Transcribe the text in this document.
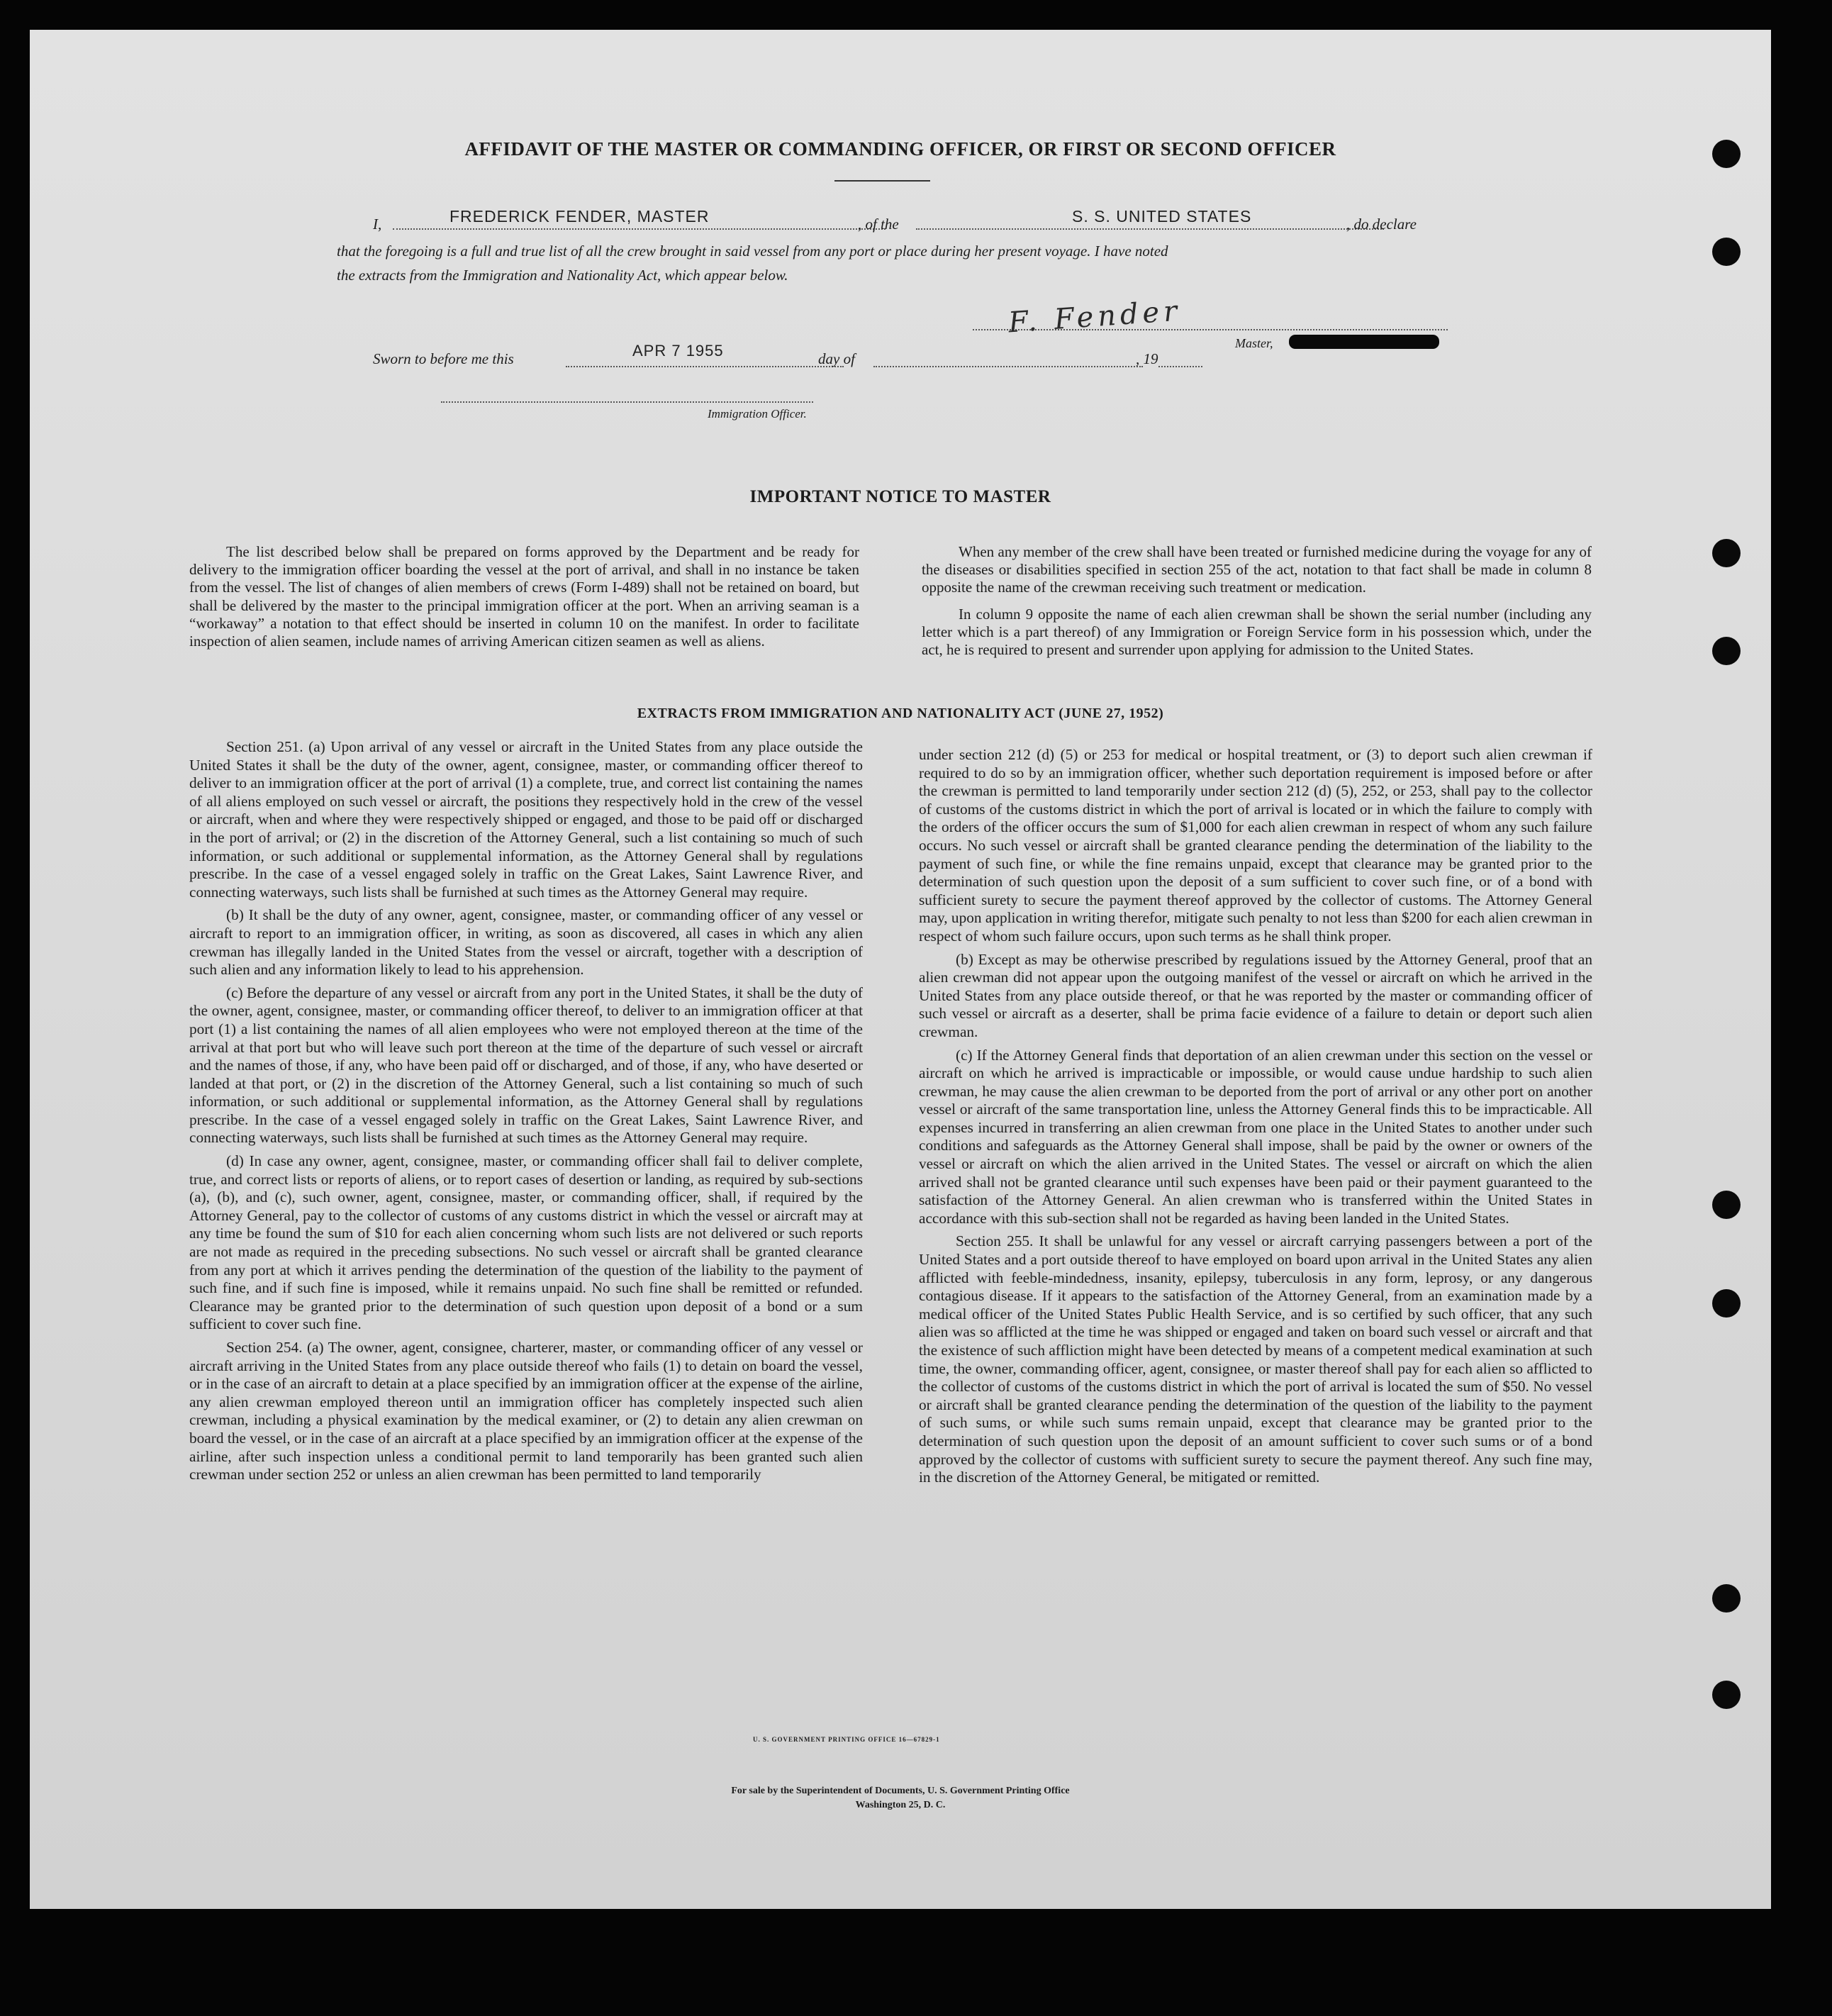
AFFIDAVIT OF THE MASTER OR COMMANDING OFFICER, OR FIRST OR SECOND OFFICER
I,	FREDERICK FENDER, MASTER	, of the	S. S. UNITED STATES	, do declare
that the foregoing is a full and true list of all the crew brought in said vessel from any port or place during her present voyage. I have noted
the extracts from the Immigration and Nationality Act, which appear below.
F. Fender
Master,
Sworn to before me this	APR 7 1955	day of	, 19
Immigration Officer.
IMPORTANT NOTICE TO MASTER

The list described below shall be prepared on forms approved by the Department and be ready for delivery to the immigration officer boarding the vessel at the port of arrival, and shall in no instance be taken from the vessel. The list of changes of alien members of crews (Form I-489) shall not be retained on board, but shall be delivered by the master to the principal immigration officer at the port. When an arriving seaman is a “workaway” a notation to that effect should be inserted in column 10 on the manifest. In order to facilitate inspection of alien seamen, include names of arriving American citizen seamen as well as aliens.

When any member of the crew shall have been treated or furnished medicine during the voyage for any of the diseases or disabilities specified in section 255 of the act, notation to that fact shall be made in column 8 opposite the name of the crewman receiving such treatment or medication.

In column 9 opposite the name of each alien crewman shall be shown the serial number (including any letter which is a part thereof) of any Immigration or Foreign Service form in his possession which, under the act, he is required to present and surrender upon applying for admission to the United States.

EXTRACTS FROM IMMIGRATION AND NATIONALITY ACT (JUNE 27, 1952)

Section 251. (a) Upon arrival of any vessel or aircraft in the United States from any place outside the United States it shall be the duty of the owner, agent, consignee, master, or commanding officer thereof to deliver to an immigration officer at the port of arrival (1) a complete, true, and correct list containing the names of all aliens employed on such vessel or aircraft, the positions they respectively hold in the crew of the vessel or aircraft, when and where they were respectively shipped or engaged, and those to be paid off or discharged in the port of arrival; or (2) in the discretion of the Attorney General, such a list containing so much of such information, or such additional or supplemental information, as the Attorney General shall by regulations prescribe. In the case of a vessel engaged solely in traffic on the Great Lakes, Saint Lawrence River, and connecting waterways, such lists shall be furnished at such times as the Attorney General may require.

(b) It shall be the duty of any owner, agent, consignee, master, or commanding officer of any vessel or aircraft to report to an immigration officer, in writing, as soon as discovered, all cases in which any alien crewman has illegally landed in the United States from the vessel or aircraft, together with a description of such alien and any information likely to lead to his apprehension.

(c) Before the departure of any vessel or aircraft from any port in the United States, it shall be the duty of the owner, agent, consignee, master, or commanding officer thereof, to deliver to an immigration officer at that port (1) a list containing the names of all alien employees who were not employed thereon at the time of the arrival at that port but who will leave such port thereon at the time of the departure of such vessel or aircraft and the names of those, if any, who have been paid off or discharged, and of those, if any, who have deserted or landed at that port, or (2) in the discretion of the Attorney General, such a list containing so much of such information, or such additional or supplemental information, as the Attorney General shall by regulations prescribe. In the case of a vessel engaged solely in traffic on the Great Lakes, Saint Lawrence River, and connecting waterways, such lists shall be furnished at such times as the Attorney General may require.

(d) In case any owner, agent, consignee, master, or commanding officer shall fail to deliver complete, true, and correct lists or reports of aliens, or to report cases of desertion or landing, as required by sub-sections (a), (b), and (c), such owner, agent, consignee, master, or commanding officer, shall, if required by the Attorney General, pay to the collector of customs of any customs district in which the vessel or aircraft may at any time be found the sum of $10 for each alien concerning whom such lists are not delivered or such reports are not made as required in the preceding subsections. No such vessel or aircraft shall be granted clearance from any port at which it arrives pending the determination of the question of the liability to the payment of such fine, and if such fine is imposed, while it remains unpaid. No such fine shall be remitted or refunded. Clearance may be granted prior to the determination of such question upon deposit of a bond or a sum sufficient to cover such fine.

Section 254. (a) The owner, agent, consignee, charterer, master, or commanding officer of any vessel or aircraft arriving in the United States from any place outside thereof who fails (1) to detain on board the vessel, or in the case of an aircraft to detain at a place specified by an immigration officer at the expense of the airline, any alien crewman employed thereon until an immigration officer has completely inspected such alien crewman, including a physical examination by the medical examiner, or (2) to detain any alien crewman on board the vessel, or in the case of an aircraft at a place specified by an immigration officer at the expense of the airline, after such inspection unless a conditional permit to land temporarily has been granted such alien crewman under section 252 or unless an alien crewman has been permitted to land temporarily

under section 212 (d) (5) or 253 for medical or hospital treatment, or (3) to deport such alien crewman if required to do so by an immigration officer, whether such deportation requirement is imposed before or after the crewman is permitted to land temporarily under section 212 (d) (5), 252, or 253, shall pay to the collector of customs of the customs district in which the port of arrival is located or in which the failure to comply with the orders of the officer occurs the sum of $1,000 for each alien crewman in respect of whom any such failure occurs. No such vessel or aircraft shall be granted clearance pending the determination of the liability to the payment of such fine, or while the fine remains unpaid, except that clearance may be granted prior to the determination of such question upon the deposit of a sum sufficient to cover such fine, or of a bond with sufficient surety to secure the payment thereof approved by the collector of customs. The Attorney General may, upon application in writing therefor, mitigate such penalty to not less than $200 for each alien crewman in respect of whom such failure occurs, upon such terms as he shall think proper.

(b) Except as may be otherwise prescribed by regulations issued by the Attorney General, proof that an alien crewman did not appear upon the outgoing manifest of the vessel or aircraft on which he arrived in the United States from any place outside thereof, or that he was reported by the master or commanding officer of such vessel or aircraft as a deserter, shall be prima facie evidence of a failure to detain or deport such alien crewman.

(c) If the Attorney General finds that deportation of an alien crewman under this section on the vessel or aircraft on which he arrived is impracticable or impossible, or would cause undue hardship to such alien crewman, he may cause the alien crewman to be deported from the port of arrival or any other port on another vessel or aircraft of the same transportation line, unless the Attorney General finds this to be impracticable. All expenses incurred in transferring an alien crewman from one place in the United States to another under such conditions and safeguards as the Attorney General shall impose, shall be paid by the owner or owners of the vessel or aircraft on which the alien arrived in the United States. The vessel or aircraft on which the alien arrived shall not be granted clearance until such expenses have been paid or their payment guaranteed to the satisfaction of the Attorney General. An alien crewman who is transferred within the United States in accordance with this sub-section shall not be regarded as having been landed in the United States.

Section 255. It shall be unlawful for any vessel or aircraft carrying passengers between a port of the United States and a port outside thereof to have employed on board upon arrival in the United States any alien afflicted with feeble-mindedness, insanity, epilepsy, tuberculosis in any form, leprosy, or any dangerous contagious disease. If it appears to the satisfaction of the Attorney General, from an examination made by a medical officer of the United States Public Health Service, and is so certified by such officer, that any such alien was so afflicted at the time he was shipped or engaged and taken on board such vessel or aircraft and that the existence of such affliction might have been detected by means of a competent medical examination at such time, the owner, commanding officer, agent, consignee, or master thereof shall pay for each alien so afflicted to the collector of customs of the customs district in which the port of arrival is located the sum of $50. No vessel or aircraft shall be granted clearance pending the determination of the question of the liability to the payment of such sums, or while such sums remain unpaid, except that clearance may be granted prior to the determination of such question upon the deposit of an amount sufficient to cover such sums or of a bond approved by the collector of customs with sufficient surety to secure the payment thereof. Any such fine may, in the discretion of the Attorney General, be mitigated or remitted.

U. S. GOVERNMENT PRINTING OFFICE 16—67829-1
For sale by the Superintendent of Documents, U. S. Government Printing Office
Washington 25, D. C.
